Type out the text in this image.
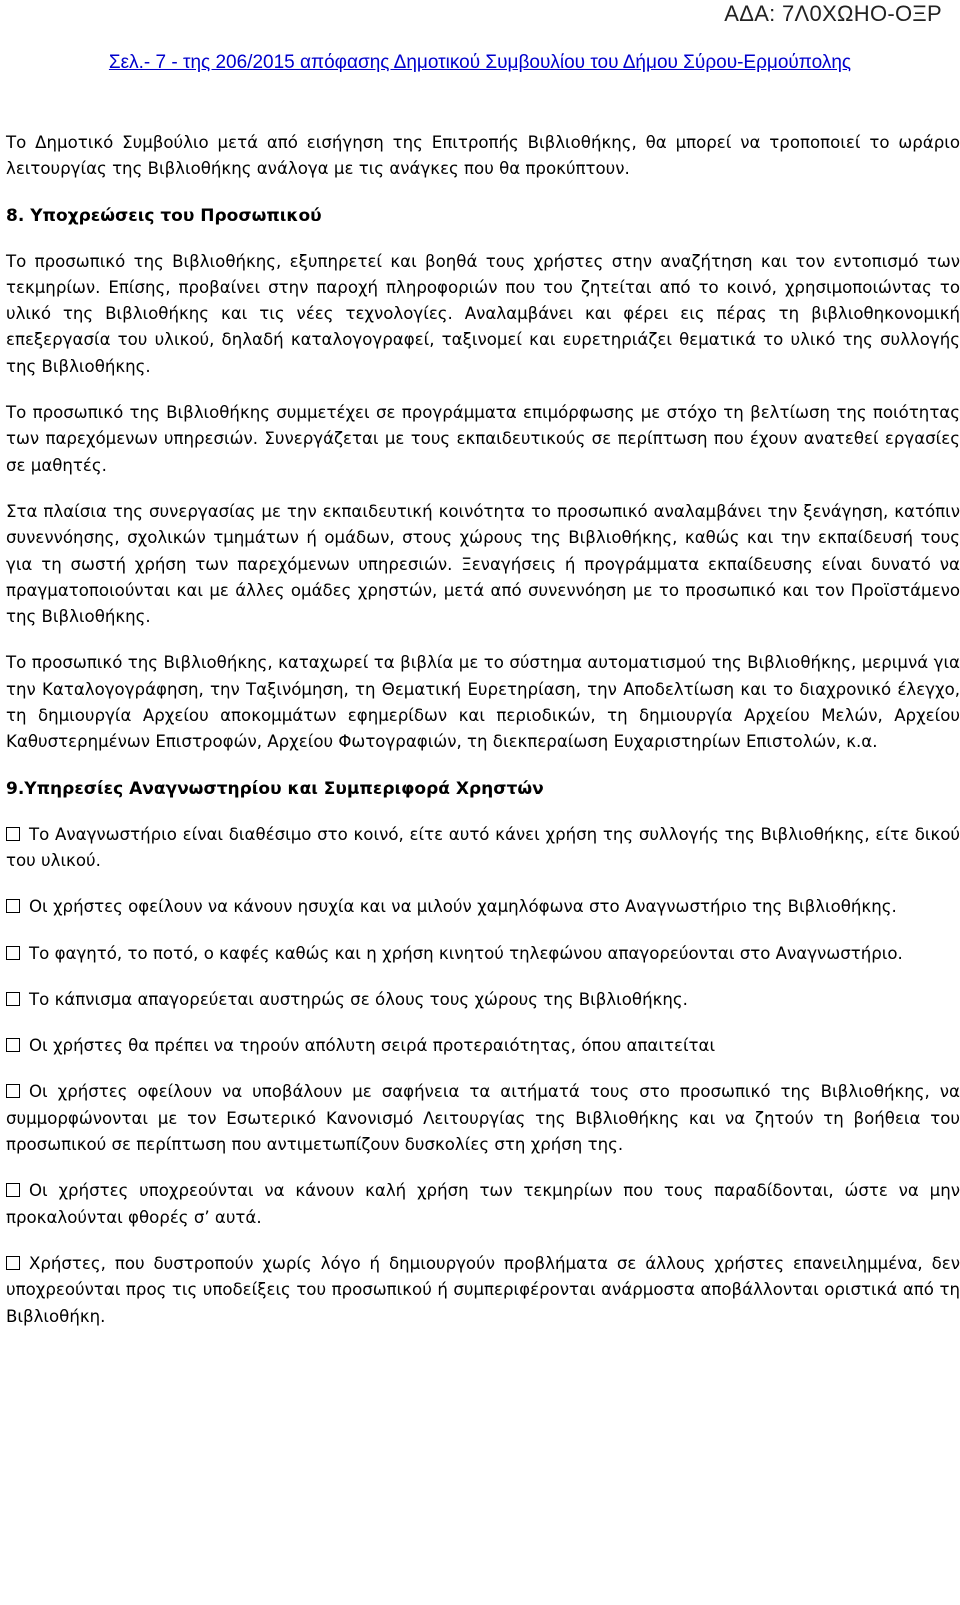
ΑΔΑ: 7Λ0ΧΩΗΟ-ΟΞΡ
Σελ.- 7 - της 206/2015 απόφασης Δημοτικού Συμβουλίου του Δήμου Σύρου-Ερμούπολης

Το Δημοτικό Συμβούλιο μετά από εισήγηση της Επιτροπής Βιβλιοθήκης, θα μπορεί να τροποποιεί το ωράριο λειτουργίας της Βιβλιοθήκης ανάλογα με τις ανάγκες που θα προκύπτουν.

8. Υποχρεώσεις του Προσωπικού

Το προσωπικό της Βιβλιοθήκης, εξυπηρετεί και βοηθά τους χρήστες στην αναζήτηση και τον εντοπισμό των τεκμηρίων. Επίσης, προβαίνει στην παροχή πληροφοριών που του ζητείται από το κοινό, χρησιμοποιώντας το υλικό της Βιβλιοθήκης και τις νέες τεχνολογίες. Αναλαμβάνει και φέρει εις πέρας τη βιβλιοθηκονομική επεξεργασία του υλικού, δηλαδή καταλογογραφεί, ταξινομεί και ευρετηριάζει θεματικά το υλικό της συλλογής της Βιβλιοθήκης.

Το προσωπικό της Βιβλιοθήκης συμμετέχει σε προγράμματα επιμόρφωσης με στόχο τη βελτίωση της ποιότητας των παρεχόμενων υπηρεσιών. Συνεργάζεται με τους εκπαιδευτικούς σε περίπτωση που έχουν ανατεθεί εργασίες σε μαθητές.

Στα πλαίσια της συνεργασίας με την εκπαιδευτική κοινότητα το προσωπικό αναλαμβάνει την ξενάγηση, κατόπιν συνεννόησης, σχολικών τμημάτων ή ομάδων, στους χώρους της Βιβλιοθήκης, καθώς και την εκπαίδευσή τους για τη σωστή χρήση των παρεχόμενων υπηρεσιών. Ξεναγήσεις ή προγράμματα εκπαίδευσης είναι δυνατό να πραγματοποιούνται και με άλλες ομάδες χρηστών, μετά από συνεννόηση με το προσωπικό και τον Προϊστάμενο της Βιβλιοθήκης.

Το προσωπικό της Βιβλιοθήκης, καταχωρεί τα βιβλία με το σύστημα αυτοματισμού της Βιβλιοθήκης, μεριμνά για την Καταλογογράφηση, την Ταξινόμηση, τη Θεματική Ευρετηρίαση, την Αποδελτίωση και το διαχρονικό έλεγχο, τη δημιουργία Αρχείου αποκομμάτων εφημερίδων και περιοδικών, τη δημιουργία Αρχείου Μελών, Αρχείου Καθυστερημένων Επιστροφών, Αρχείου Φωτογραφιών, τη διεκπεραίωση Ευχαριστηρίων Επιστολών, κ.α.

9.Υπηρεσίες Αναγνωστηρίου και Συμπεριφορά Χρηστών

Το Αναγνωστήριο είναι διαθέσιμο στο κοινό, είτε αυτό κάνει χρήση της συλλογής της Βιβλιοθήκης, είτε δικού του υλικού.

Οι χρήστες οφείλουν να κάνουν ησυχία και να μιλούν χαμηλόφωνα στο Αναγνωστήριο της Βιβλιοθήκης.

Το φαγητό, το ποτό, ο καφές καθώς και η χρήση κινητού τηλεφώνου απαγορεύονται στο Αναγνωστήριο.

Το κάπνισμα απαγορεύεται αυστηρώς σε όλους τους χώρους της Βιβλιοθήκης.

Οι χρήστες θα πρέπει να τηρούν απόλυτη σειρά προτεραιότητας, όπου απαιτείται

Οι χρήστες οφείλουν να υποβάλουν με σαφήνεια τα αιτήματά τους στο προσωπικό της Βιβλιοθήκης, να συμμορφώνονται με τον Εσωτερικό Κανονισμό Λειτουργίας της Βιβλιοθήκης και να ζητούν τη βοήθεια του προσωπικού σε περίπτωση που αντιμετωπίζουν δυσκολίες στη χρήση της.

Οι χρήστες υποχρεούνται να κάνουν καλή χρήση των τεκμηρίων που τους παραδίδονται, ώστε να μην προκαλούνται φθορές σ’ αυτά.

Χρήστες, που δυστροπούν χωρίς λόγο ή δημιουργούν προβλήματα σε άλλους χρήστες επανειλημμένα, δεν υποχρεούνται προς τις υποδείξεις του προσωπικού ή συμπεριφέρονται ανάρμοστα αποβάλλονται οριστικά από τη Βιβλιοθήκη.
